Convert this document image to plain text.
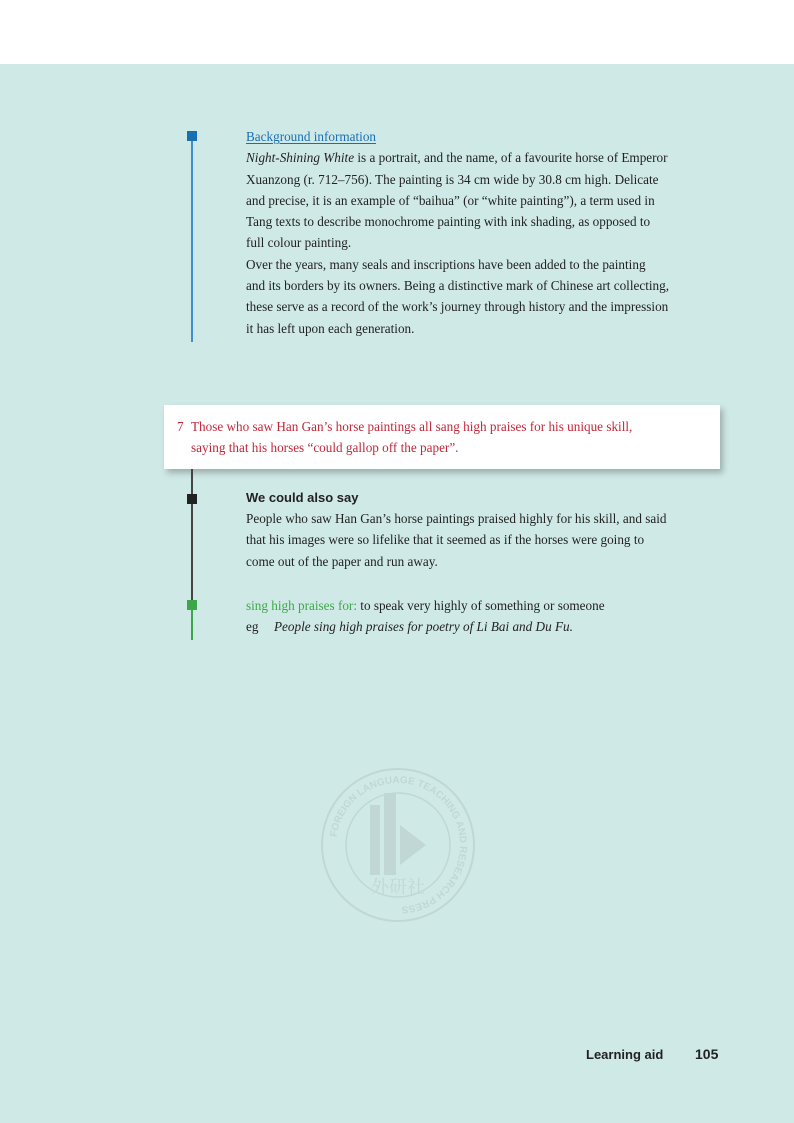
Background information
Night-Shining White is a portrait, and the name, of a favourite horse of Emperor
Xuanzong (r. 712–756). The painting is 34 cm wide by 30.8 cm high. Delicate
and precise, it is an example of “baihua” (or “white painting”), a term used in
Tang texts to describe monochrome painting with ink shading, as opposed to
full colour painting.
Over the years, many seals and inscriptions have been added to the painting
and its borders by its owners. Being a distinctive mark of Chinese art collecting,
these serve as a record of the work’s journey through history and the impression
it has left upon each generation.
7 Those who saw Han Gan’s horse paintings all sang high praises for his unique skill,
saying that his horses “could gallop off the paper”.
We could also say
People who saw Han Gan’s horse paintings praised highly for his skill, and said
that his images were so lifelike that it seemed as if the horses were going to
come out of the paper and run away.
sing high praises for: to speak very highly of something or someone
eg People sing high praises for poetry of Li Bai and Du Fu.
FOREIGN LANGUAGE TEACHING AND RESEARCH PRESS
外研社
Learning aid 105
